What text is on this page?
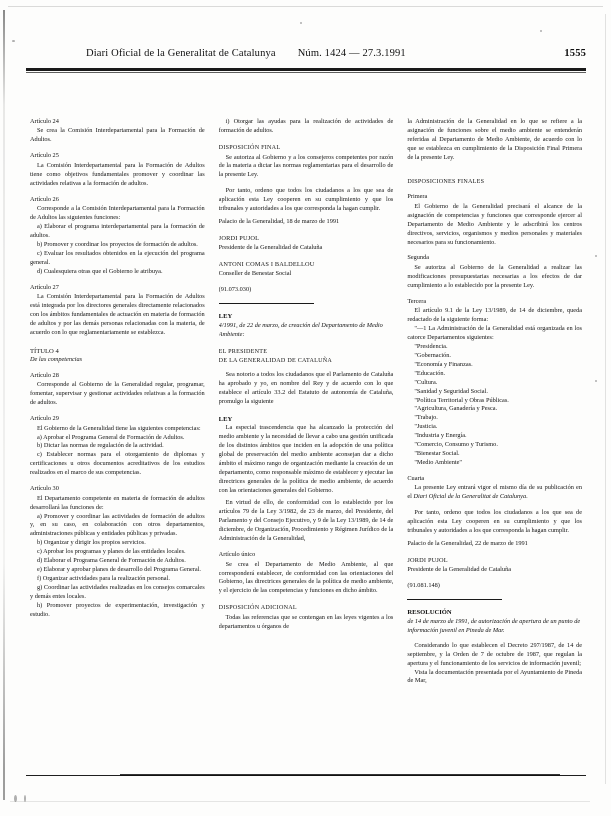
Diari Oficial de la Generalitat de Catalunya Núm. 1424 — 27.3.1991	1555
Artículo 24

Se crea la Comisión Interdepartamental para la Formación de Adultos.

Artículo 25

La Comisión Interdepartamental para la Formación de Adultos tiene como objetivos fundamentales promover y coordinar las actividades relativas a la formación de adultos.

Artículo 26

Corresponde a la Comisión Interdepartamental para la Formación de Adultos las siguientes funciones:

a) Elaborar el programa interdepartamental para la formación de adultos.

b) Promover y coordinar los proyectos de formación de adultos.

c) Evaluar los resultados obtenidos en la ejecución del programa general.

d) Cualesquiera otras que el Gobierno le atribuya.

Artículo 27

La Comisión Interdepartamental para la Formación de Adultos está integrada por los directores generales directamente relacionados con los ámbitos fundamentales de actuación en materia de formación de adultos y por las demás personas relacionadas con la materia, de acuerdo con lo que reglamentariamente se establezca.

TÍTULO 4
De las competencias
Artículo 28

Corresponde al Gobierno de la Generalidad regular, programar, fomentar, supervisar y gestionar actividades relativas a la formación de adultos.

Artículo 29

El Gobierno de la Generalidad tiene las siguientes competencias:

a) Aprobar el Programa General de Formación de Adultos.

b) Dictar las normas de regulación de la actividad.

c) Establecer normas para el otorgamiento de diplomas y certificaciones u otros documentos acreditativos de los estudios realizados en el marco de sus competencias.

Artículo 30

El Departamento competente en materia de formación de adultos desarrollará las funciones de:

a) Promover y coordinar las actividades de formación de adultos y, en su caso, en colaboración con otros departamentos, administraciones públicas y entidades públicas y privadas.

b) Organizar y dirigir los propios servicios.

c) Aprobar los programas y planes de las entidades locales.

d) Elaborar el Programa General de Formación de Adultos.

e) Elaborar y aprobar planes de desarrollo del Programa General.

f) Organizar actividades para la realización personal.

g) Coordinar las actividades realizadas en los consejos comarcales y demás entes locales.

h) Promover proyectos de experimentación, investigación y estudio.

i) Otorgar las ayudas para la realización de actividades de formación de adultos.

DISPOSICIÓN FINAL

Se autoriza al Gobierno y a los consejeros competentes por razón de la materia a dictar las normas reglamentarias para el desarrollo de la presente Ley.

Por tanto, ordeno que todos los ciudadanos a los que sea de aplicación esta Ley cooperen en su cumplimiento y que los tribunales y autoridades a los que corresponda la hagan cumplir.

Palacio de la Generalidad, 18 de marzo de 1991

JORDI PUJOL
Presidente de la Generalidad de Cataluña
ANTONI COMAS I BALDELLOU
Conseller de Benestar Social
(91.073.030)
LEY
4/1991, de 22 de marzo, de creación del Departamento de Medio Ambiente:
EL PRESIDENTE
DE LA GENERALIDAD DE CATALUÑA

Sea notorio a todos los ciudadanos que el Parlamento de Cataluña ha aprobado y yo, en nombre del Rey y de acuerdo con lo que establece el artículo 33.2 del Estatuto de autonomía de Cataluña, promulgo la siguiente

LEY

La especial trascendencia que ha alcanzado la protección del medio ambiente y la necesidad de llevar a cabo una gestión unificada de los distintos ámbitos que inciden en la adopción de una política global de preservación del medio ambiente aconsejan dar a dicho ámbito el máximo rango de organización mediante la creación de un departamento, como responsable máximo de establecer y ejecutar las directrices generales de la política de medio ambiente, de acuerdo con las orientaciones generales del Gobierno.

En virtud de ello, de conformidad con lo establecido por los artículos 79 de la Ley 3/1982, de 23 de marzo, del Presidente, del Parlamento y del Consejo Ejecutivo, y 9 de la Ley 13/1989, de 14 de diciembre, de Organización, Procedimiento y Régimen Jurídico de la Administración de la Generalidad,

Artículo único

Se crea el Departamento de Medio Ambiente, al que corresponderá establecer, de conformidad con las orientaciones del Gobierno, las directrices generales de la política de medio ambiente, y el ejercicio de las competencias y funciones en dicho ámbito.

DISPOSICIÓN ADICIONAL

Todas las referencias que se contengan en las leyes vigentes a los departamentos u órganos de

la Administración de la Generalidad en lo que se refiere a la asignación de funciones sobre el medio ambiente se entenderán referidas al Departamento de Medio Ambiente, de acuerdo con lo que se establezca en cumplimiento de la Disposición Final Primera de la presente Ley.

DISPOSICIONES FINALES
Primera

El Gobierno de la Generalidad precisará el alcance de la asignación de competencias y funciones que corresponde ejercer al Departamento de Medio Ambiente y le adscribirá los centros directivos, servicios, organismos y medios personales y materiales necesarios para su funcionamiento.

Segunda

Se autoriza al Gobierno de la Generalidad a realizar las modificaciones presupuestarias necesarias a los efectos de dar cumplimiento a lo establecido por la presente Ley.

Tercera

El artículo 9.1 de la Ley 13/1989, de 14 de diciembre, queda redactado de la siguiente forma:

"—1 La Administración de la Generalidad está organizada en los catorce Departamentos siguientes:

"Presidencia.

"Gobernación.

"Economía y Finanzas.

"Educación.

"Cultura.

"Sanidad y Seguridad Social.

"Política Territorial y Obras Públicas.

"Agricultura, Ganadería y Pesca.

"Trabajo.

"Justicia.

"Industria y Energía.

"Comercio, Consumo y Turismo.

"Bienestar Social.

"Medio Ambiente"

Cuarta

La presente Ley entrará vigor el mismo día de su publicación en el Diari Oficial de la Generalitat de Catalunya.

Por tanto, ordeno que todos los ciudadanos a los que sea de aplicación esta Ley cooperen en su cumplimiento y que los tribunales y autoridades a los que corresponda la hagan cumplir.

Palacio de la Generalidad, 22 de marzo de 1991

JORDI PUJOL
Presidente de la Generalidad de Cataluña
(91.081.148)
RESOLUCIÓN
de 14 de marzo de 1991, de autorización de apertura de un punto de información juvenil en Pineda de Mar.

Considerando lo que establecen el Decreto 297/1987, de 14 de septiembre, y la Orden de 7 de octubre de 1987, que regulan la apertura y el funcionamiento de los servicios de información juvenil;

Vista la documentación presentada por el Ayuntamiento de Pineda de Mar,
